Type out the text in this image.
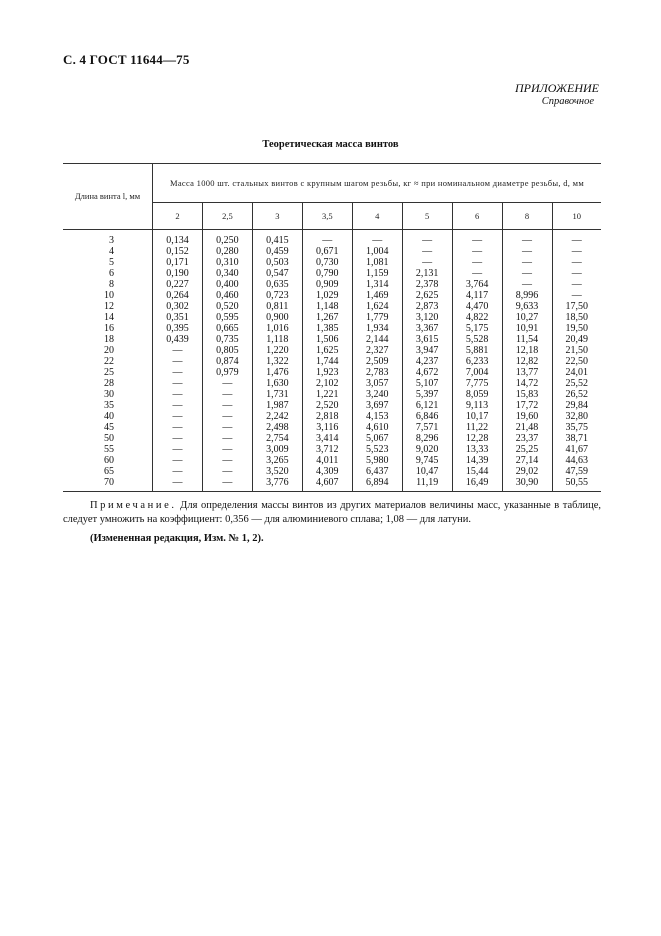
С. 4 ГОСТ 11644—75
ПРИЛОЖЕНИЕ
Справочное
Теоретическая масса винтов
Длина винта l, мм	Масса 1000 шт. стальных винтов с крупным шагом резьбы, кг ≈ при номинальном диаметре резьбы, d, мм								
	2	2,5	3	3,5	4	5	6	8	10
3	0,134	0,250	0,415	—	—	—	—	—	—
4	0,152	0,280	0,459	0,671	1,004	—	—	—	—
5	0,171	0,310	0,503	0,730	1,081	—	—	—	—
6	0,190	0,340	0,547	0,790	1,159	2,131	—	—	—
8	0,227	0,400	0,635	0,909	1,314	2,378	3,764	—	—
10	0,264	0,460	0,723	1,029	1,469	2,625	4,117	8,996	—
12	0,302	0,520	0,811	1,148	1,624	2,873	4,470	9,633	17,50
14	0,351	0,595	0,900	1,267	1,779	3,120	4,822	10,27	18,50
16	0,395	0,665	1,016	1,385	1,934	3,367	5,175	10,91	19,50
18	0,439	0,735	1,118	1,506	2,144	3,615	5,528	11,54	20,49
20	—	0,805	1,220	1,625	2,327	3,947	5,881	12,18	21,50
22	—	0,874	1,322	1,744	2,509	4,237	6,233	12,82	22,50
25	—	0,979	1,476	1,923	2,783	4,672	7,004	13,77	24,01
28	—	—	1,630	2,102	3,057	5,107	7,775	14,72	25,52
30	—	—	1,731	1,221	3,240	5,397	8,059	15,83	26,52
35	—	—	1,987	2,520	3,697	6,121	9,113	17,72	29,84
40	—	—	2,242	2,818	4,153	6,846	10,17	19,60	32,80
45	—	—	2,498	3,116	4,610	7,571	11,22	21,48	35,75
50	—	—	2,754	3,414	5,067	8,296	12,28	23,37	38,71
55	—	—	3,009	3,712	5,523	9,020	13,33	25,25	41,67
60	—	—	3,265	4,011	5,980	9,745	14,39	27,14	44,63
65	—	—	3,520	4,309	6,437	10,47	15,44	29,02	47,59
70	—	—	3,776	4,607	6,894	11,19	16,49	30,90	50,55
Примечание. Для определения массы винтов из других материалов величины масс, указанные в таблице, следует умножить на коэффициент: 0,356 — для алюминиевого сплава; 1,08 — для латуни.
(Измененная редакция, Изм. № 1, 2).
